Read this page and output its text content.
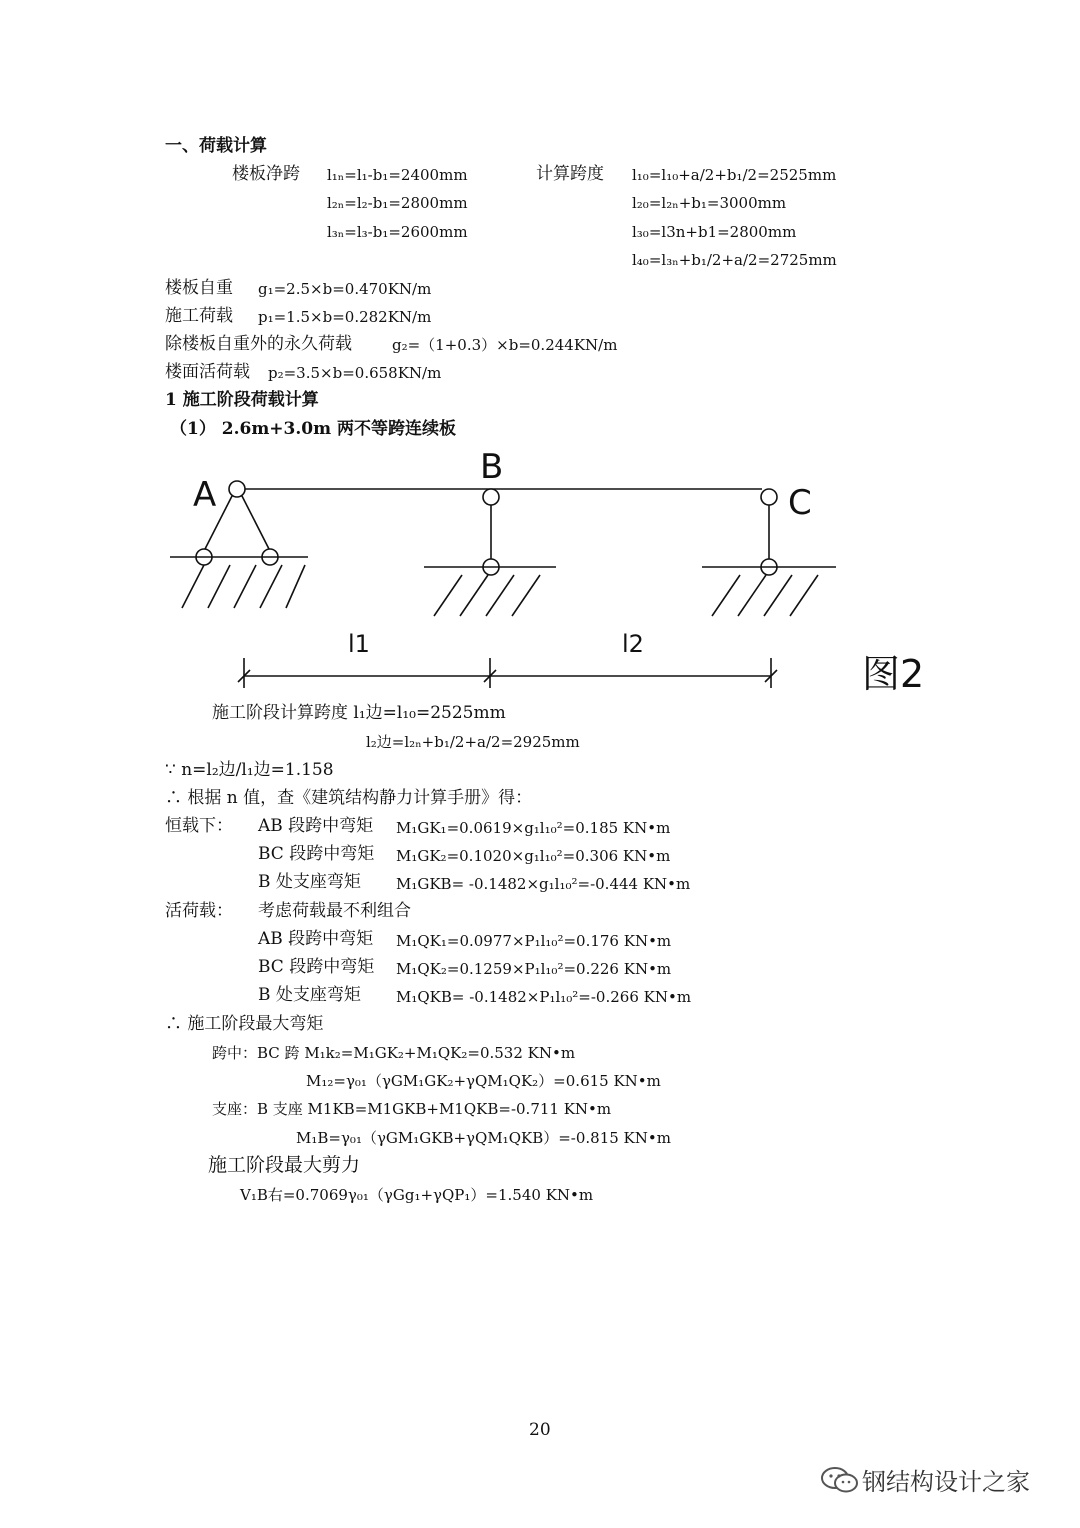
一、荷载计算
楼板净跨 l₁ₙ=l₁-b₁=2400mm
l₂ₙ=l₂-b₁=2800mm
l₃ₙ=l₃-b₁=2600mm
计算跨度 l₁₀=l₁₀+a/2+b₁/2=2525mm
l₂₀=l₂ₙ+b₁=3000mm
l₃₀=l3n+b1=2800mm
l₄₀=l₃ₙ+b₁/2+a/2=2725mm
楼板自重 g₁=2.5×b=0.470KN/m
施工荷载 p₁=1.5×b=0.282KN/m
除楼板自重外的永久荷载	g₂=（1+0.3）×b=0.244KN/m
楼面活荷载 p₂=3.5×b=0.658KN/m
1 施工阶段荷载计算
（1） 2.6m+3.0m 两不等跨连续板
A
B
C
l1	l2
图2
施工阶段计算跨度 l₁边=l₁₀=2525mm
l₂边=l₂ₙ+b₁/2+a/2=2925mm
∵ n=l₂边/l₁边=1.158
∴ 根据 n 值，查《建筑结构静力计算手册》得：
恒载下： AB 段跨中弯矩 M₁GK₁=0.0619×g₁l₁₀²=0.185 KN•m
BC 段跨中弯矩 M₁GK₂=0.1020×g₁l₁₀²=0.306 KN•m
B 处支座弯矩 M₁GKB= -0.1482×g₁l₁₀²=-0.444 KN•m
活荷载： 考虑荷载最不利组合
AB 段跨中弯矩 M₁QK₁=0.0977×P₁l₁₀²=0.176 KN•m
BC 段跨中弯矩 M₁QK₂=0.1259×P₁l₁₀²=0.226 KN•m
B 处支座弯矩 M₁QKB= -0.1482×P₁l₁₀²=-0.266 KN•m
∴ 施工阶段最大弯矩
跨中：BC 跨 M₁k₂=M₁GK₂+M₁QK₂=0.532 KN•m
M₁₂=γ₀₁（γGM₁GK₂+γQM₁QK₂）=0.615 KN•m
支座：B 支座 M1KB=M1GKB+M1QKB=-0.711 KN•m
M₁B=γ₀₁（γGM₁GKB+γQM₁QKB）=-0.815 KN•m
施工阶段最大剪力
V₁B右=0.7069γ₀₁（γGg₁+γQP₁）=1.540 KN•m
20
钢结构设计之家
